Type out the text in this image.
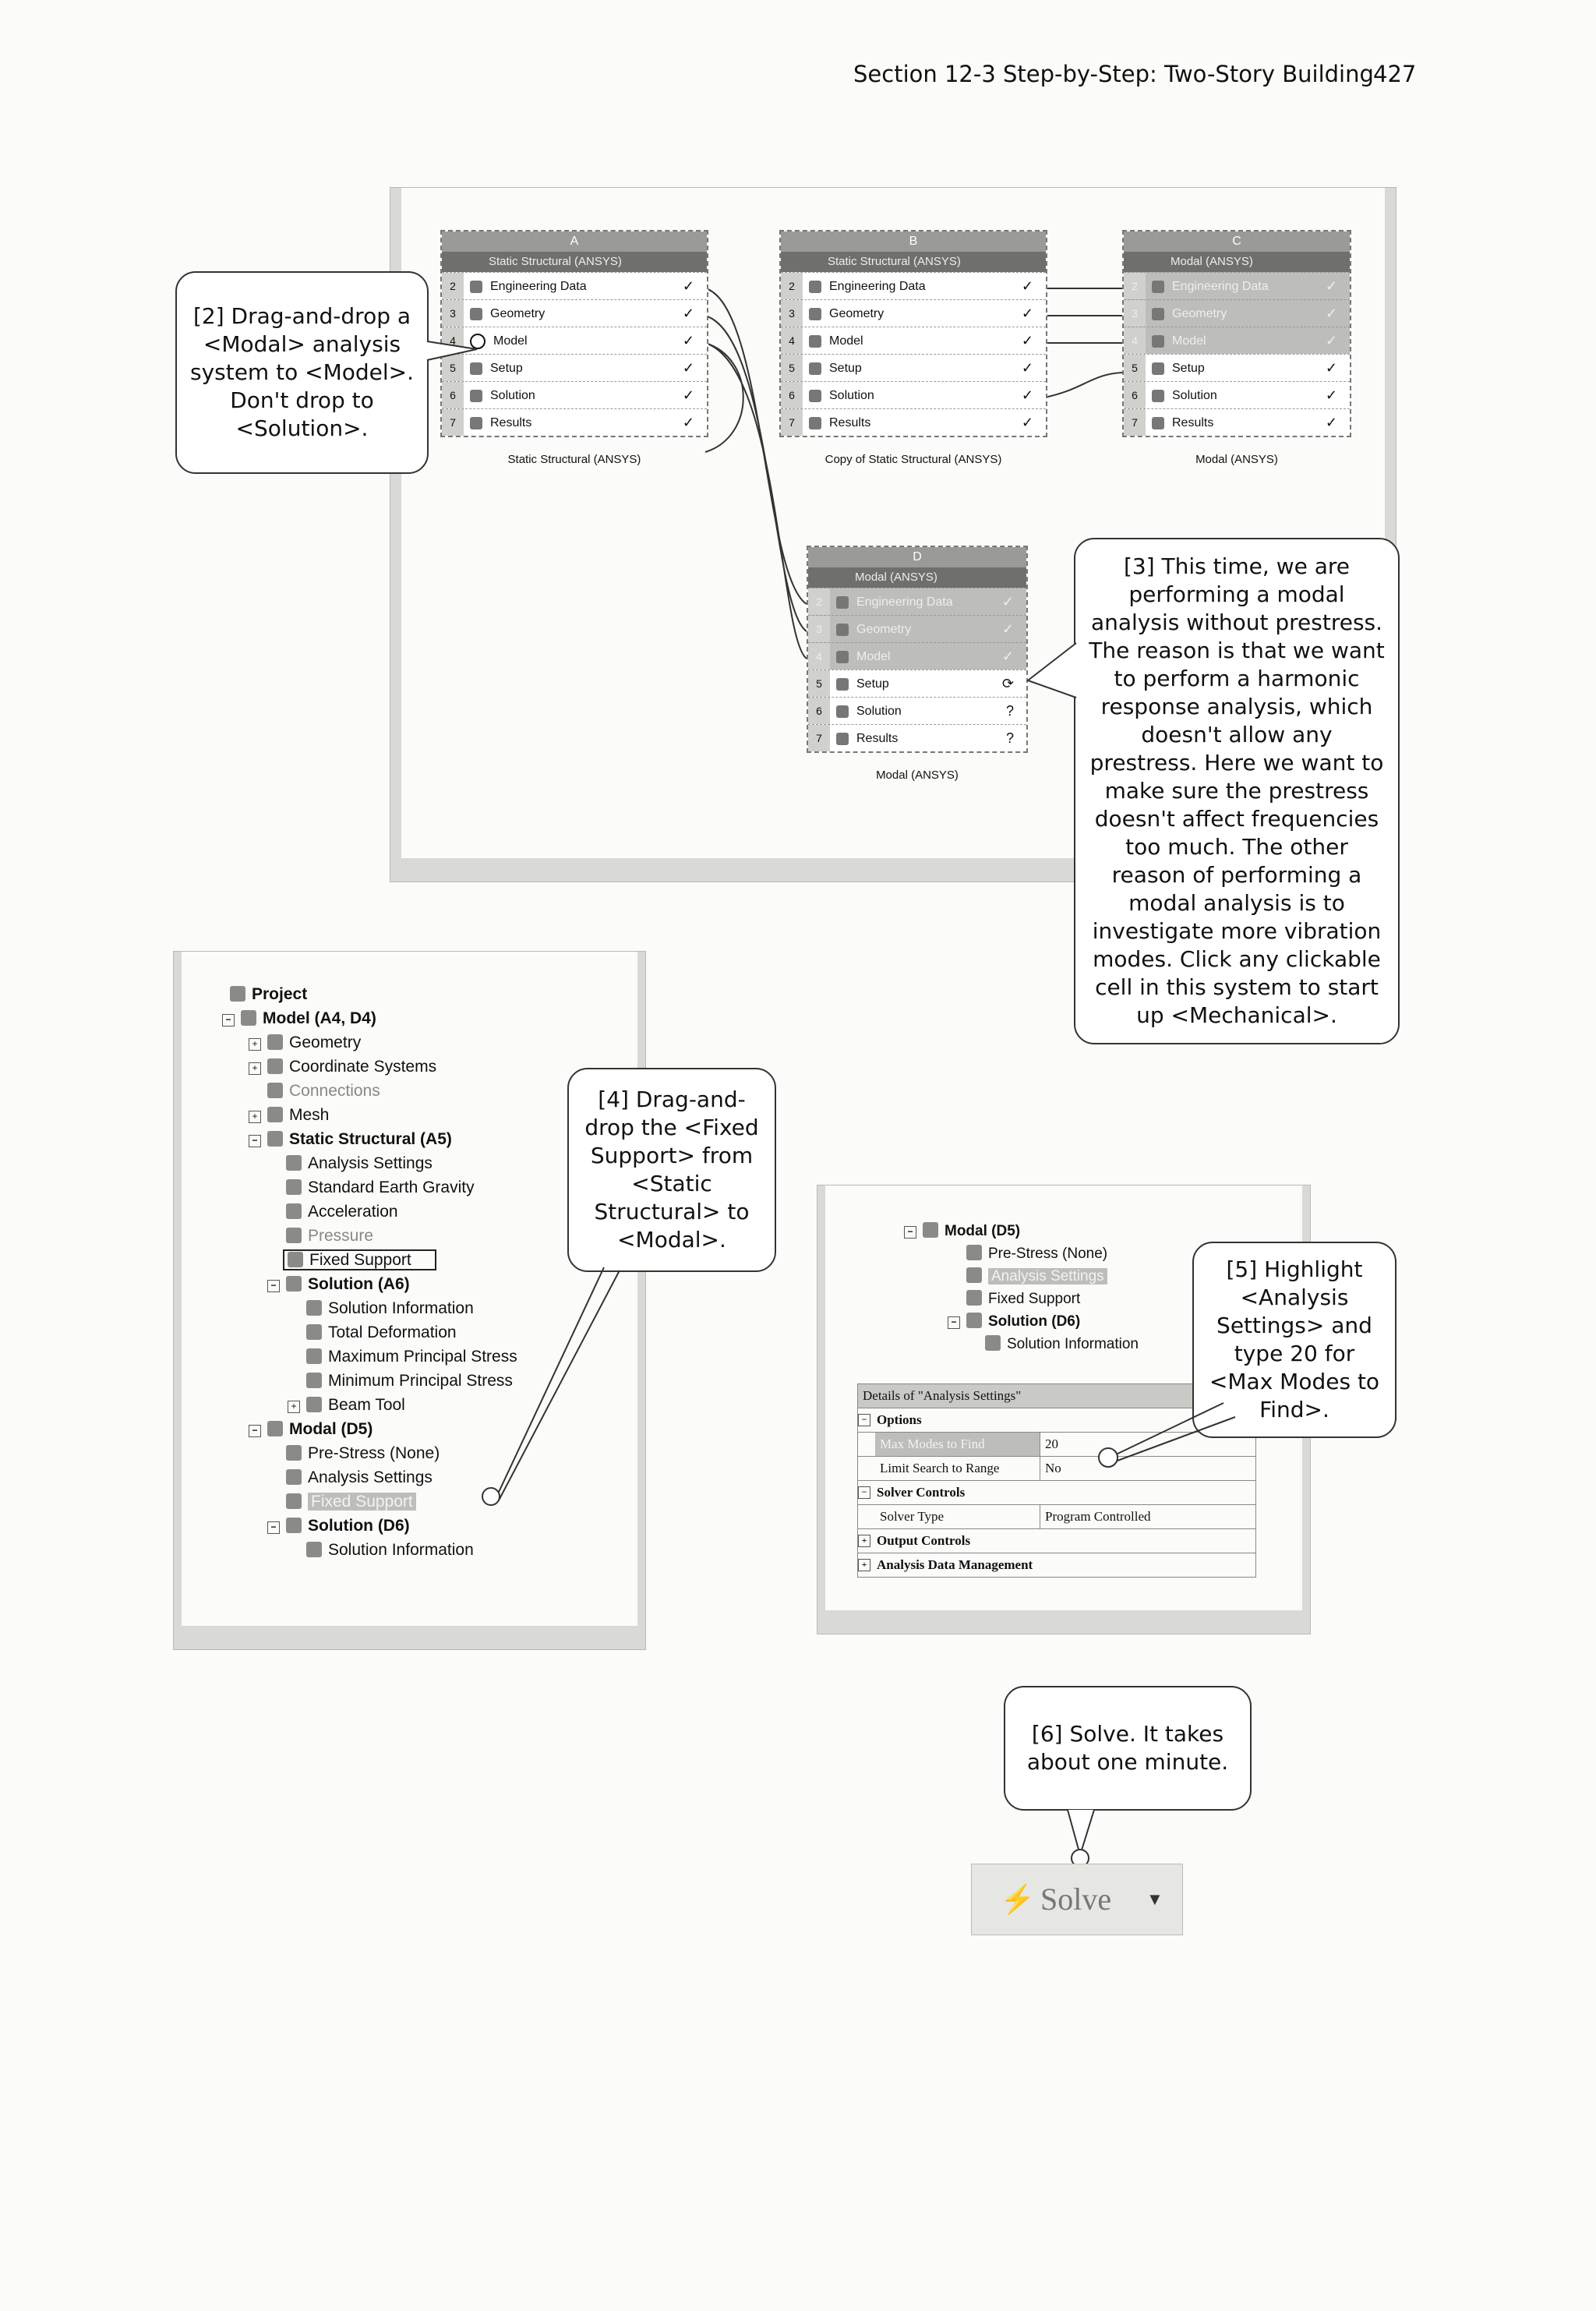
Section 12-3 Step-by-Step: Two-Story Building 427
A
Static Structural (ANSYS)
2	Engineering Data	✓
3	Geometry	✓
4	Model	✓
5	Setup	✓
6	Solution	✓
7	Results	✓
Static Structural (ANSYS)
B
Static Structural (ANSYS)
2	Engineering Data	✓
3	Geometry	✓
4	Model	✓
5	Setup	✓
6	Solution	✓
7	Results	✓
Copy of Static Structural (ANSYS)
C
Modal (ANSYS)
2	Engineering Data	✓
3	Geometry	✓
4	Model	✓
5	Setup	✓
6	Solution	✓
7	Results	✓
Modal (ANSYS)
D
Modal (ANSYS)
2	Engineering Data	✓
3	Geometry	✓
4	Model	✓
5	Setup	⟳
6	Solution	?
7	Results	?
Modal (ANSYS)
[2] Drag-and-drop a <Modal> analysis system to <Model>. Don't drop to <Solution>.
[3] This time, we are performing a modal analysis without prestress. The reason is that we want to perform a harmonic response analysis, which doesn't allow any prestress. Here we want to make sure the prestress doesn't affect frequencies too much. The other reason of performing a modal analysis is to investigate more vibration modes. Click any clickable cell in this system to start up <Mechanical>.
Project
− Model (A4, D4)
+ Geometry
+ Coordinate Systems
Connections
+ Mesh
− Static Structural (A5)
Analysis Settings
Standard Earth Gravity
Acceleration
Pressure
Fixed Support
− Solution (A6)
Solution Information
Total Deformation
Maximum Principal Stress
Minimum Principal Stress
+ Beam Tool
− Modal (D5)
Pre-Stress (None)
Analysis Settings
Fixed Support
− Solution (D6)
Solution Information
[4] Drag-and-drop the <Fixed Support> from <Static Structural> to <Modal>.	− Modal (D5)
Pre-Stress (None)
Analysis Settings
Fixed Support
− Solution (D6)
Solution Information
Details of "Analysis Settings"
− Options
Max Modes to Find	20
Limit Search to Range	No
− Solver Controls
Solver Type	Program Controlled
+ Output Controls
+ Analysis Data Management
[5] Highlight <Analysis Settings> and type 20 for <Max Modes to Find>.
[6] Solve. It takes about one minute.
⚡ Solve ▼
